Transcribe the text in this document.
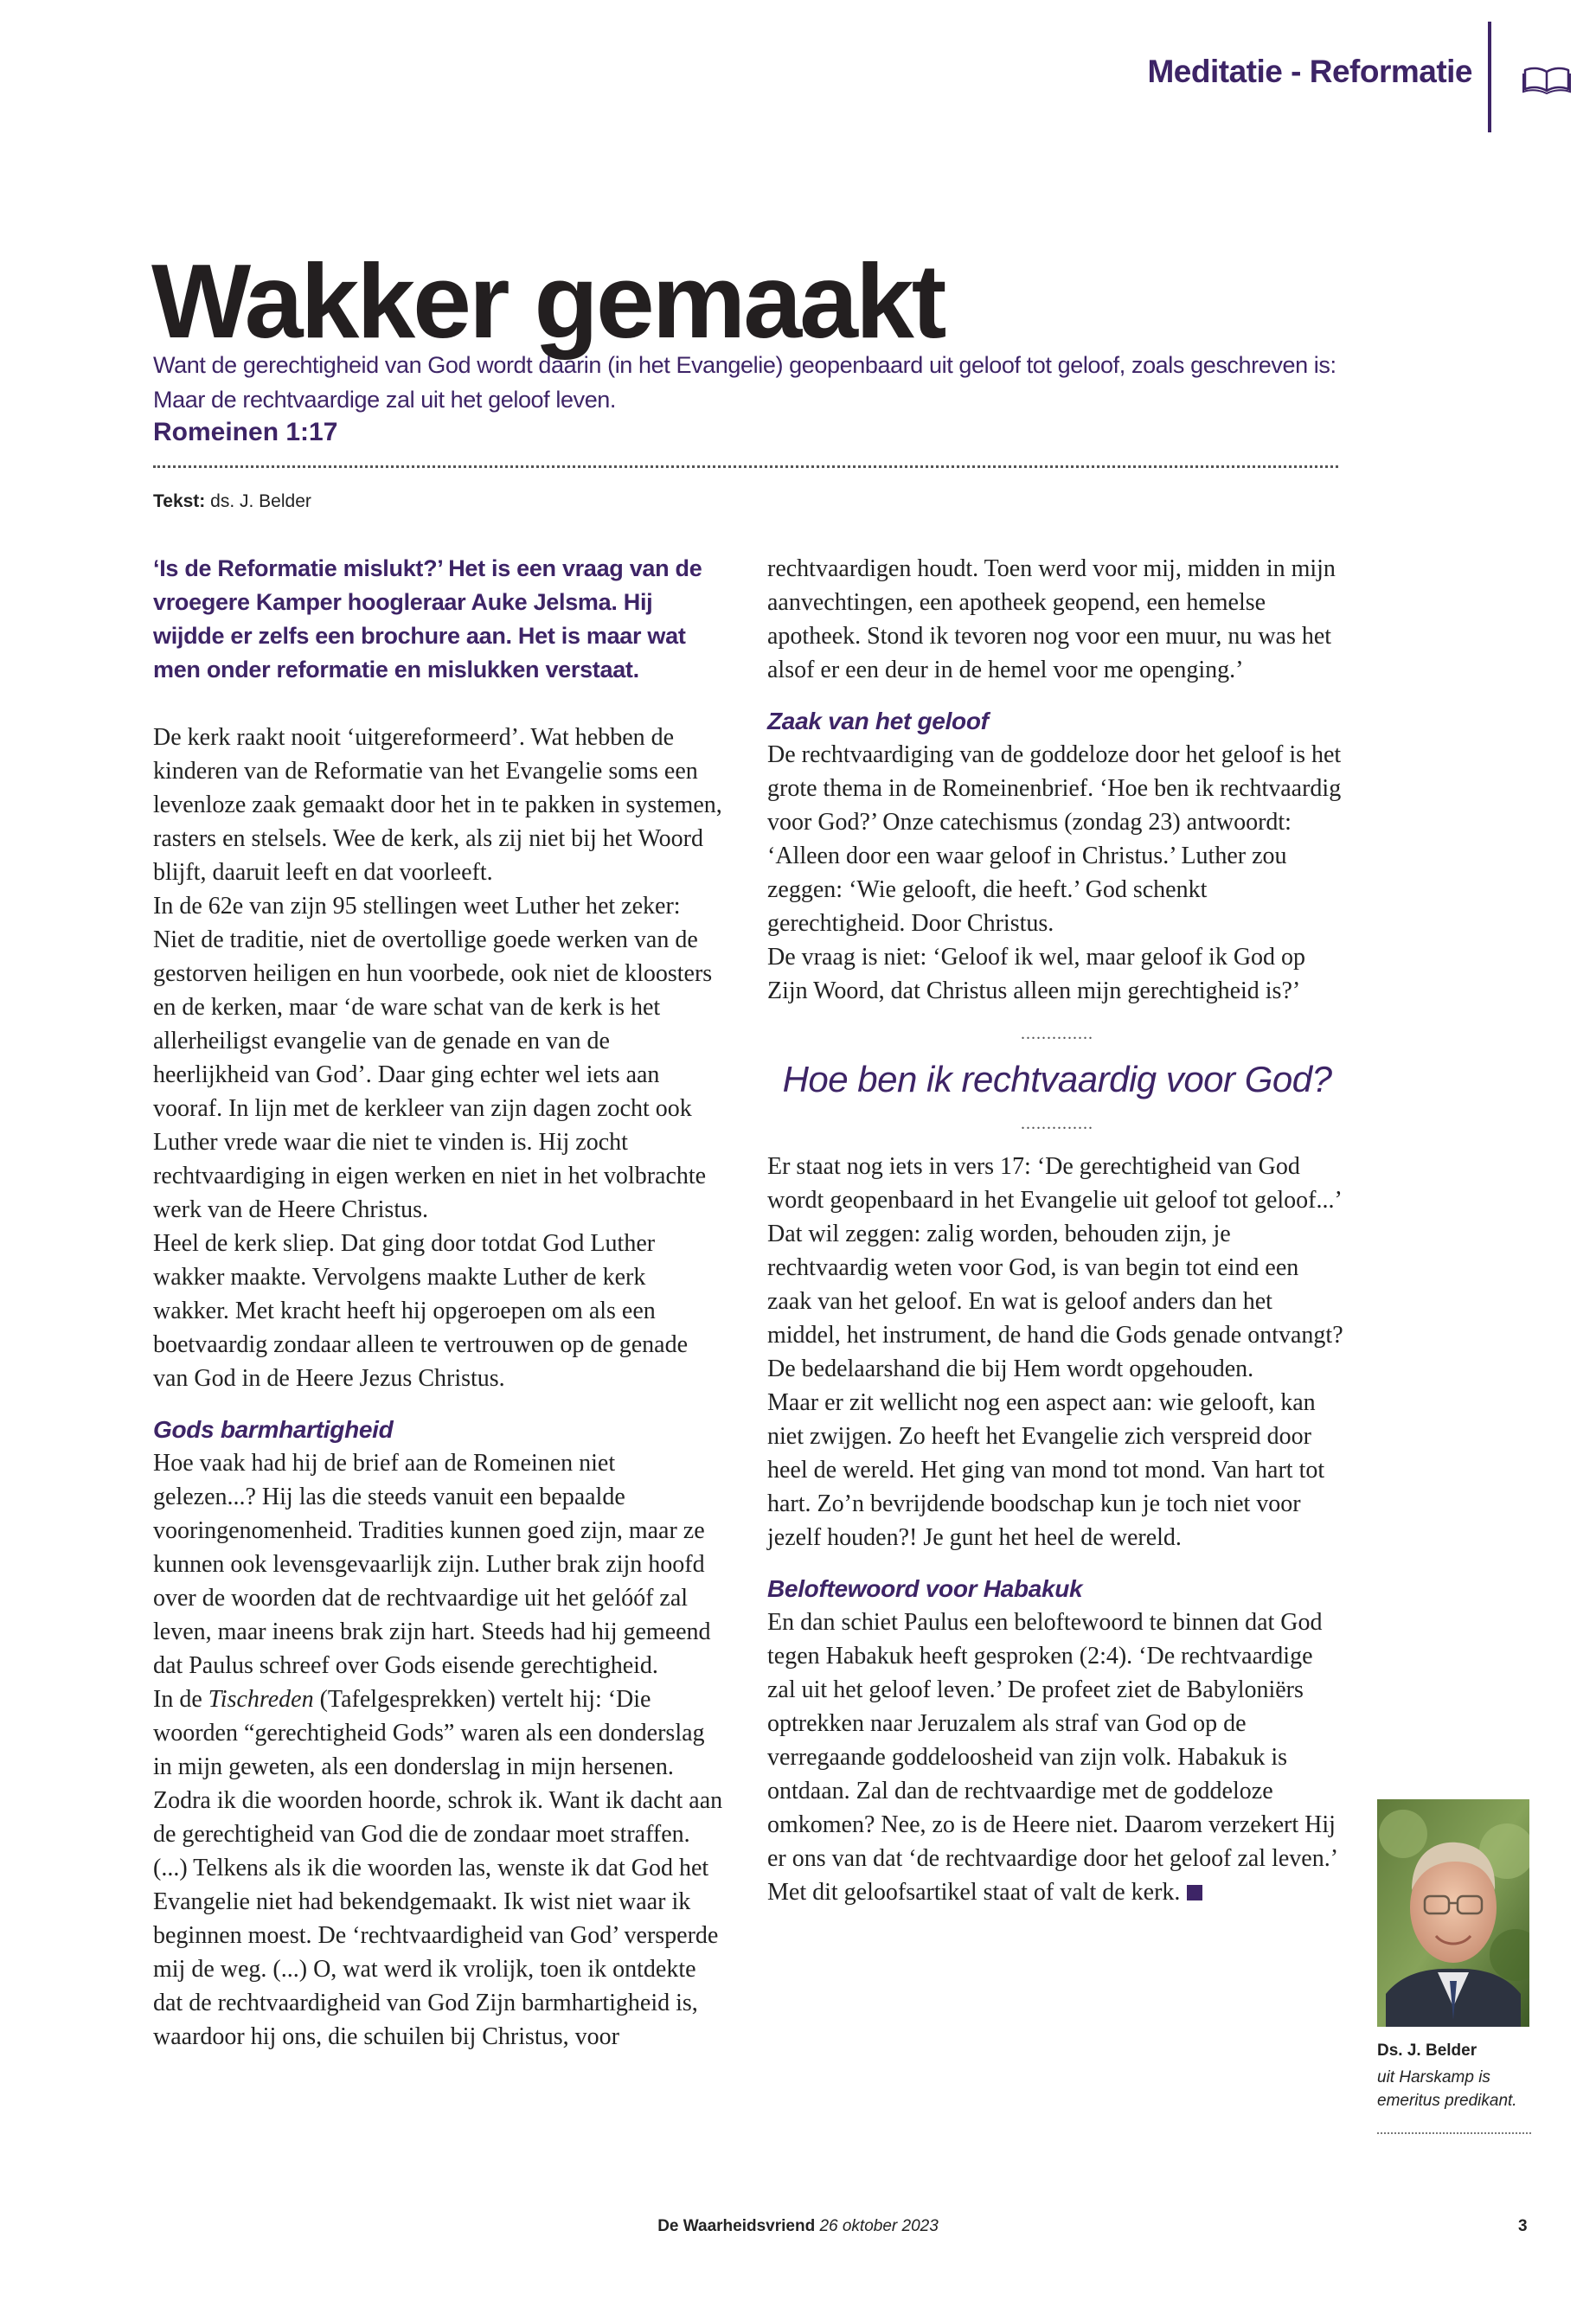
Meditatie - Reformatie
Wakker gemaakt
Want de gerechtigheid van God wordt daarin (in het Evangelie) geopenbaard uit geloof tot geloof, zoals geschreven is: Maar de rechtvaardige zal uit het geloof leven.
Romeinen 1:17
Tekst: ds. J. Belder

‘Is de Reformatie mislukt?’ Het is een vraag van de vroegere Kamper hoogleraar Auke Jelsma. Hij wijdde er zelfs een brochure aan. Het is maar wat men onder reformatie en mislukken verstaat.

De kerk raakt nooit ‘uitgereformeerd’. Wat hebben de kinderen van de Reformatie van het Evangelie soms een levenloze zaak gemaakt door het in te pakken in systemen, rasters en stelsels. Wee de kerk, als zij niet bij het Woord blijft, daaruit leeft en dat voorleeft.

In de 62e van zijn 95 stellingen weet Luther het zeker: Niet de traditie, niet de overtollige goede werken van de gestorven heiligen en hun voorbede, ook niet de kloosters en de kerken, maar ‘de ware schat van de kerk is het allerheiligst evangelie van de genade en van de heerlijkheid van God’. Daar ging echter wel iets aan vooraf. In lijn met de kerkleer van zijn dagen zocht ook Luther vrede waar die niet te vinden is. Hij zocht rechtvaardiging in eigen werken en niet in het volbrachte werk van de Heere Christus.

Heel de kerk sliep. Dat ging door totdat God Luther wakker maakte. Vervolgens maakte Luther de kerk wakker. Met kracht heeft hij opgeroepen om als een boetvaardig zondaar alleen te vertrouwen op de genade van God in de Heere Jezus Christus.

Gods barmhartigheid

Hoe vaak had hij de brief aan de Romeinen niet gelezen...? Hij las die steeds vanuit een bepaalde vooringenomenheid. Tradities kunnen goed zijn, maar ze kunnen ook levensgevaarlijk zijn. Luther brak zijn hoofd over de woorden dat de rechtvaardige uit het gelóóf zal leven, maar ineens brak zijn hart. Steeds had hij gemeend dat Paulus schreef over Gods eisende gerechtigheid.

In de Tischreden (Tafelgesprekken) vertelt hij: ‘Die woorden “gerechtigheid Gods” waren als een donderslag in mijn geweten, als een donderslag in mijn hersenen. Zodra ik die woorden hoorde, schrok ik. Want ik dacht aan de gerechtigheid van God die de zondaar moet straffen. (...) Telkens als ik die woorden las, wenste ik dat God het Evangelie niet had bekendgemaakt. Ik wist niet waar ik beginnen moest. De ‘rechtvaardigheid van God’ versperde mij de weg. (...) O, wat werd ik vrolijk, toen ik ontdekte dat de rechtvaardigheid van God Zijn barmhartigheid is, waardoor hij ons, die schuilen bij Christus, voor

rechtvaardigen houdt. Toen werd voor mij, midden in mijn aanvechtingen, een apotheek geopend, een hemelse apotheek. Stond ik tevoren nog voor een muur, nu was het alsof er een deur in de hemel voor me openging.’

Zaak van het geloof

De rechtvaardiging van de goddeloze door het geloof is het grote thema in de Romeinenbrief. ‘Hoe ben ik rechtvaardig voor God?’ Onze catechismus (zondag 23) antwoordt: ‘Alleen door een waar geloof in Christus.’ Luther zou zeggen: ‘Wie gelooft, die heeft.’ God schenkt gerechtigheid. Door Christus.

De vraag is niet: ‘Geloof ik wel, maar geloof ik God op Zijn Woord, dat Christus alleen mijn gerechtigheid is?’

..............
Hoe ben ik rechtvaardig voor God?
..............

Er staat nog iets in vers 17: ‘De gerechtigheid van God wordt geopenbaard in het Evangelie uit geloof tot geloof...’ Dat wil zeggen: zalig worden, behouden zijn, je rechtvaardig weten voor God, is van begin tot eind een zaak van het geloof. En wat is geloof anders dan het middel, het instrument, de hand die Gods genade ontvangt? De bedelaarshand die bij Hem wordt opgehouden.

Maar er zit wellicht nog een aspect aan: wie gelooft, kan niet zwijgen. Zo heeft het Evangelie zich verspreid door heel de wereld. Het ging van mond tot mond. Van hart tot hart. Zo’n bevrijdende boodschap kun je toch niet voor jezelf houden?! Je gunt het heel de wereld.

Beloftewoord voor Habakuk

En dan schiet Paulus een beloftewoord te binnen dat God tegen Habakuk heeft gesproken (2:4). ‘De rechtvaardige zal uit het geloof leven.’ De profeet ziet de Babyloniërs optrekken naar Jeruzalem als straf van God op de verregaande goddeloosheid van zijn volk. Habakuk is ontdaan. Zal dan de rechtvaardige met de goddeloze omkomen? Nee, zo is de Heere niet. Daarom verzekert Hij er ons van dat ‘de rechtvaardige door het geloof zal leven.’

Met dit geloofsartikel staat of valt de kerk.

Ds. J. Belder
uit Harskamp is emeritus predikant.
De Waarheidsvriend 26 oktober 2023	3
